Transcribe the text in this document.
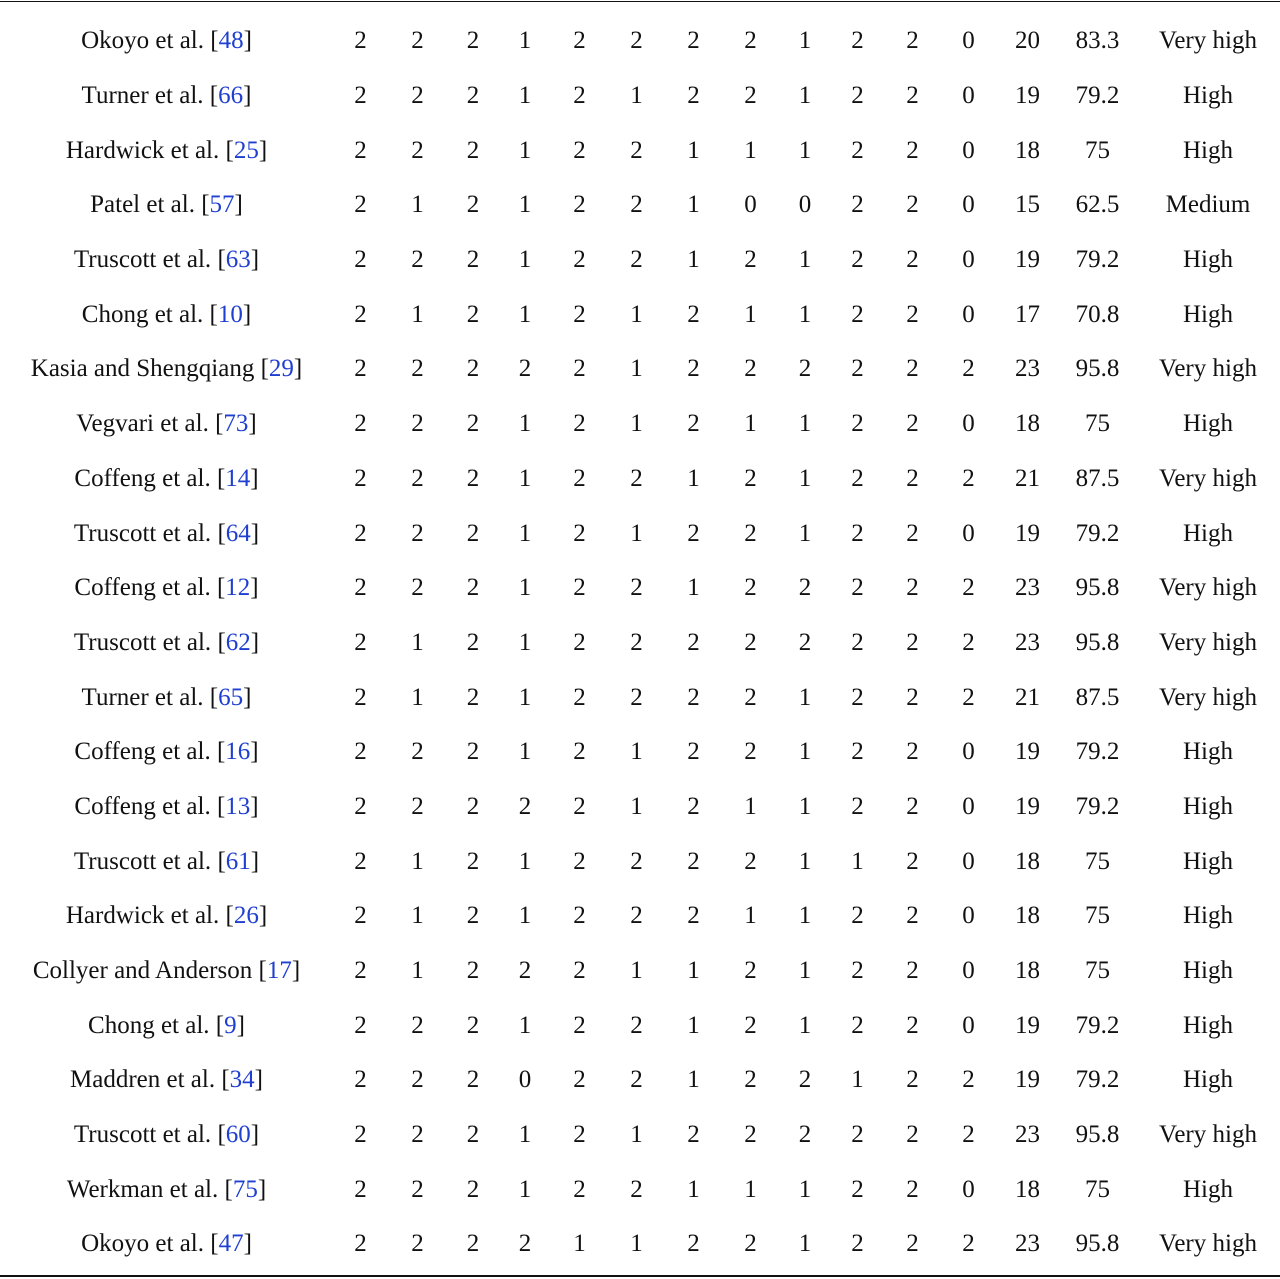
Okoyo et al. [48]	2	2	2	1	2	2	2	2	1	2	2	0	20	83.3	Very high
Turner et al. [66]	2	2	2	1	2	1	2	2	1	2	2	0	19	79.2	High
Hardwick et al. [25]	2	2	2	1	2	2	1	1	1	2	2	0	18	75	High
Patel et al. [57]	2	1	2	1	2	2	1	0	0	2	2	0	15	62.5	Medium
Truscott et al. [63]	2	2	2	1	2	2	1	2	1	2	2	0	19	79.2	High
Chong et al. [10]	2	1	2	1	2	1	2	1	1	2	2	0	17	70.8	High
Kasia and Shengqiang [29]	2	2	2	2	2	1	2	2	2	2	2	2	23	95.8	Very high
Vegvari et al. [73]	2	2	2	1	2	1	2	1	1	2	2	0	18	75	High
Coffeng et al. [14]	2	2	2	1	2	2	1	2	1	2	2	2	21	87.5	Very high
Truscott et al. [64]	2	2	2	1	2	1	2	2	1	2	2	0	19	79.2	High
Coffeng et al. [12]	2	2	2	1	2	2	1	2	2	2	2	2	23	95.8	Very high
Truscott et al. [62]	2	1	2	1	2	2	2	2	2	2	2	2	23	95.8	Very high
Turner et al. [65]	2	1	2	1	2	2	2	2	1	2	2	2	21	87.5	Very high
Coffeng et al. [16]	2	2	2	1	2	1	2	2	1	2	2	0	19	79.2	High
Coffeng et al. [13]	2	2	2	2	2	1	2	1	1	2	2	0	19	79.2	High
Truscott et al. [61]	2	1	2	1	2	2	2	2	1	1	2	0	18	75	High
Hardwick et al. [26]	2	1	2	1	2	2	2	1	1	2	2	0	18	75	High
Collyer and Anderson [17]	2	1	2	2	2	1	1	2	1	2	2	0	18	75	High
Chong et al. [9]	2	2	2	1	2	2	1	2	1	2	2	0	19	79.2	High
Maddren et al. [34]	2	2	2	0	2	2	1	2	2	1	2	2	19	79.2	High
Truscott et al. [60]	2	2	2	1	2	1	2	2	2	2	2	2	23	95.8	Very high
Werkman et al. [75]	2	2	2	1	2	2	1	1	1	2	2	0	18	75	High
Okoyo et al. [47]	2	2	2	2	1	1	2	2	1	2	2	2	23	95.8	Very high
